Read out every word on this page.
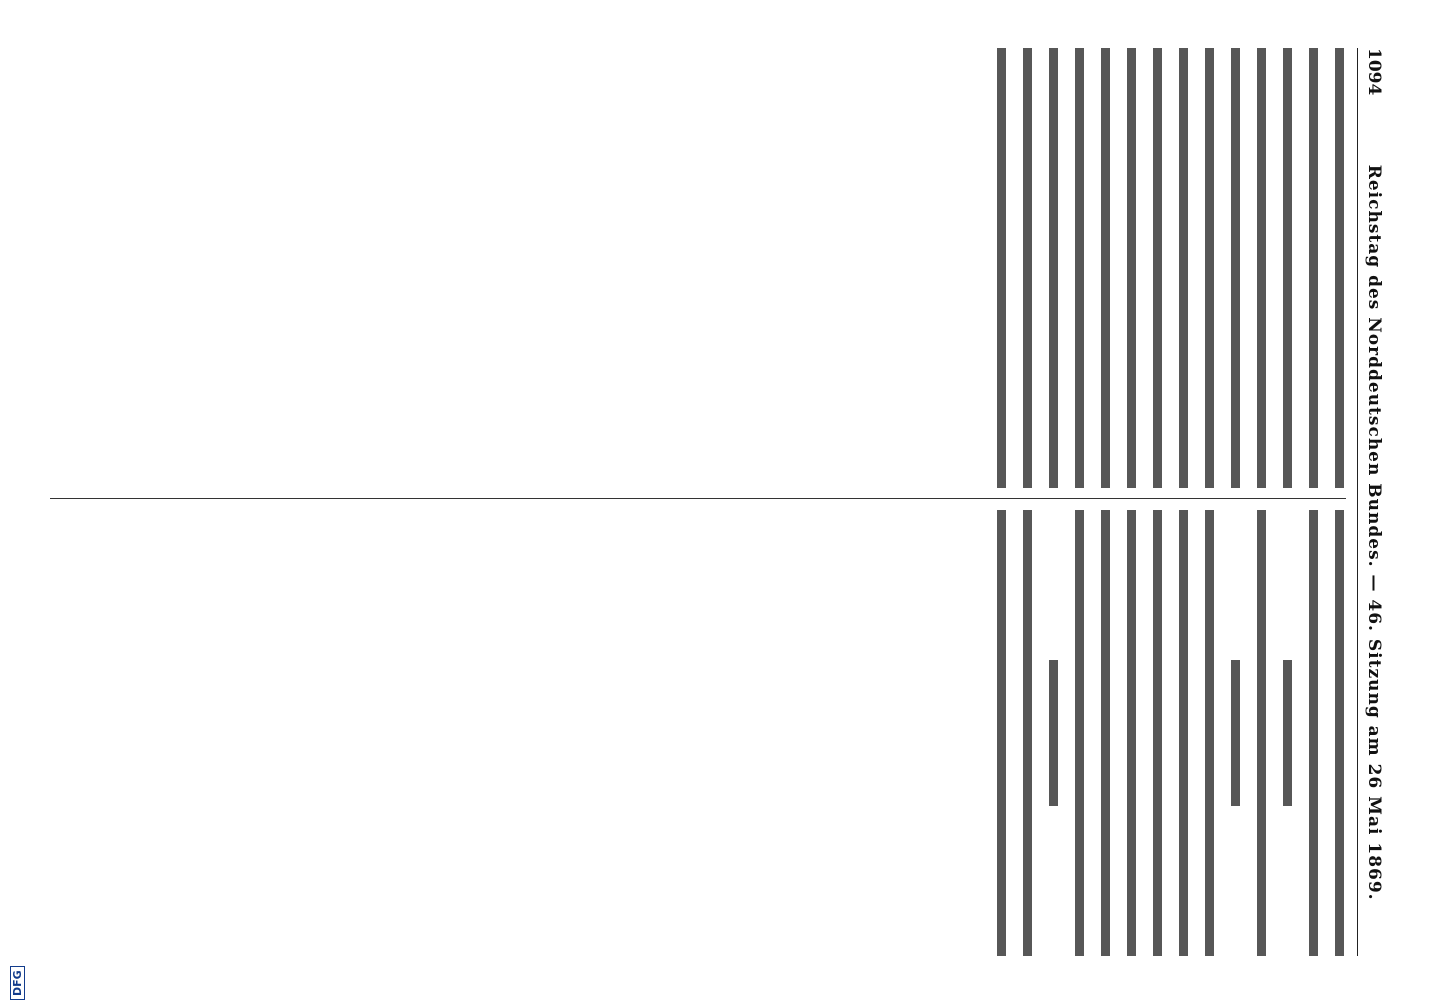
1094
Reichstag des Norddeutschen Bundes. — 46. Sitzung am 26 Mai 1869.

DFG
